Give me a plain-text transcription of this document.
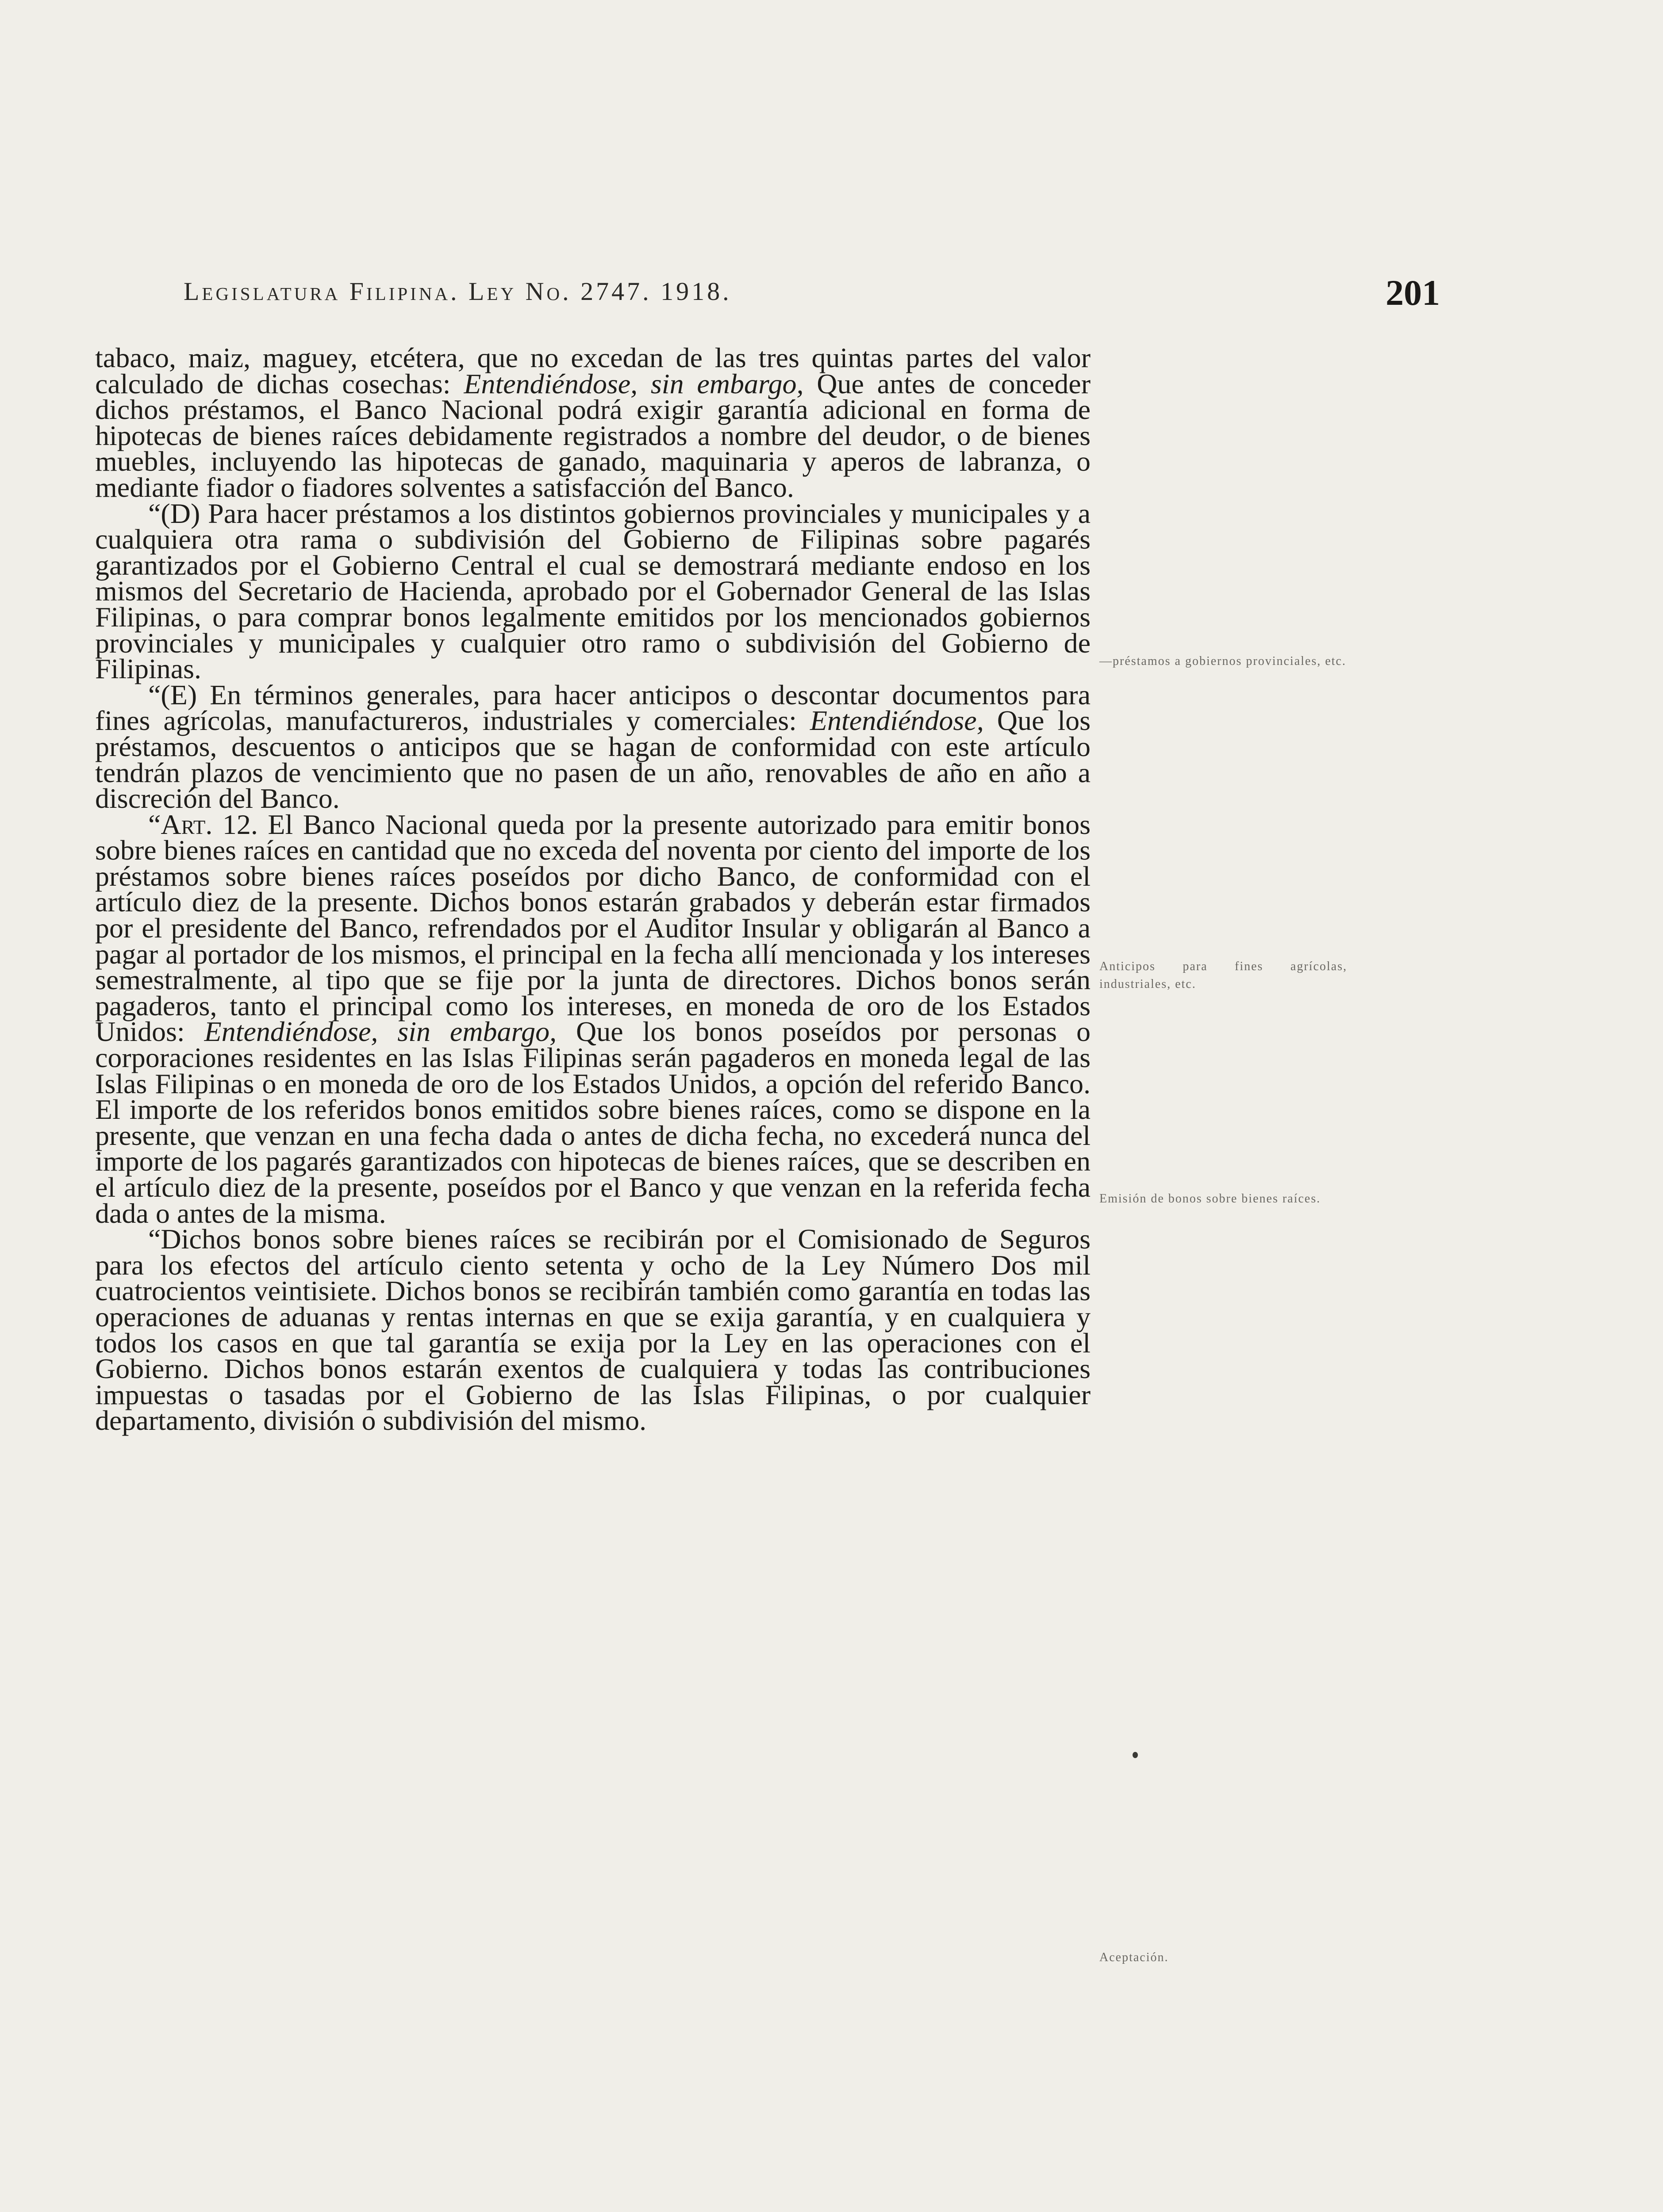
Legislatura Filipina. Ley No. 2747. 1918.	201

tabaco, maiz, maguey, etcétera, que no excedan de las tres quintas partes del valor calculado de dichas cosechas: Entendiéndose, sin embargo, Que antes de conceder dichos préstamos, el Banco Nacional podrá exigir garantía adicional en forma de hipotecas de bienes raíces debidamente registrados a nombre del deudor, o de bienes muebles, incluyendo las hipotecas de ganado, maquinaria y aperos de labranza, o mediante fiador o fiadores solventes a satisfacción del Banco.

“(D) Para hacer préstamos a los distintos gobiernos provinciales y municipales y a cualquiera otra rama o subdivisión del Gobierno de Filipinas sobre pagarés garantizados por el Gobierno Central el cual se demostrará mediante endoso en los mismos del Secretario de Hacienda, aprobado por el Gobernador General de las Islas Filipinas, o para comprar bonos legalmente emitidos por los mencionados gobiernos provinciales y municipales y cualquier otro ramo o subdivisión del Gobierno de Filipinas.

“(E) En términos generales, para hacer anticipos o descontar documentos para fines agrícolas, manufactureros, industriales y comerciales: Entendiéndose, Que los préstamos, descuentos o anticipos que se hagan de conformidad con este artículo tendrán plazos de vencimiento que no pasen de un año, renovables de año en año a discreción del Banco.

“Art. 12. El Banco Nacional queda por la presente autorizado para emitir bonos sobre bienes raíces en cantidad que no exceda del noventa por ciento del importe de los préstamos sobre bienes raíces poseídos por dicho Banco, de conformidad con el artículo diez de la presente. Dichos bonos estarán grabados y deberán estar firmados por el presidente del Banco, refrendados por el Auditor Insular y obligarán al Banco a pagar al portador de los mismos, el principal en la fecha allí mencionada y los intereses semestralmente, al tipo que se fije por la junta de directores. Dichos bonos serán pagaderos, tanto el principal como los intereses, en moneda de oro de los Estados Unidos: Entendiéndose, sin embargo, Que los bonos poseídos por personas o corporaciones residentes en las Islas Filipinas serán pagaderos en moneda legal de las Islas Filipinas o en moneda de oro de los Estados Unidos, a opción del referido Banco. El importe de los referidos bonos emitidos sobre bienes raíces, como se dispone en la presente, que venzan en una fecha dada o antes de dicha fecha, no excederá nunca del importe de los pagarés garantizados con hipotecas de bienes raíces, que se describen en el artículo diez de la presente, poseídos por el Banco y que venzan en la referida fecha dada o antes de la misma.

“Dichos bonos sobre bienes raíces se recibirán por el Comisionado de Seguros para los efectos del artículo ciento setenta y ocho de la Ley Número Dos mil cuatrocientos veintisiete. Dichos bonos se recibirán también como garantía en todas las operaciones de aduanas y rentas internas en que se exija garantía, y en cualquiera y todos los casos en que tal garantía se exija por la Ley en las operaciones con el Gobierno. Dichos bonos estarán exentos de cualquiera y todas las contribuciones impuestas o tasadas por el Gobierno de las Islas Filipinas, o por cualquier departamento, división o subdivisión del mismo.

—préstamos a gobiernos provinciales, etc.
Anticipos para fines agrícolas, industriales, etc.
Emisión de bonos sobre bienes raíces.
Aceptación.
